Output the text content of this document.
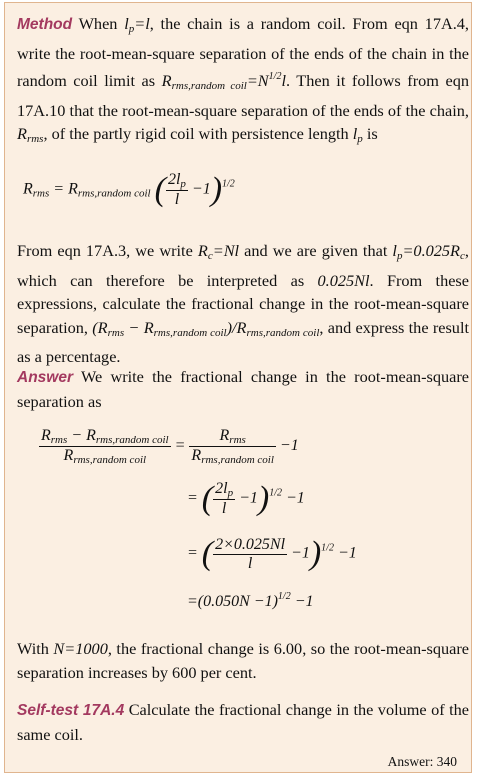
Method When $l_p=l$, the chain is a random coil. From eqn 17A.4, write the root-mean-square separation of the ends of the chain in the random coil limit as $R_{rms,random coil}=N^{1/2}l$. Then it follows from eqn 17A.10 that the root-mean-square separation of the ends of the chain, $R_{rms}$, of the partly rigid coil with persistence length $l_p$ is
$R_{rms} = R_{rms,random coil}$ ( $\frac{2l_p}{l} -1)^{1/2}$
From eqn 17A.3, we write $R_c=Nl$ and we are given that $l_p=0.025R_c$, which can therefore be interpreted as 0.025Nl. From these expressions, calculate the fractional change in the root-mean-square separation, $(R_{rms} - R_{rms,random coil})/R_{rms,random coil}$, and express the result as a percentage.
Answer We write the fractional change in the root-mean-square separation as
$\frac{R_{rms} - R_{rms,random coil}}{R_{rms,random coil}} = \frac{R_{rms}}{R_{rms,random coil}} -1$
= ( $\frac{2l_p}{l} -1)^{1/2} -1$
= ( $\frac{2\times 0.025Nl}{l} -1)^{1/2} -1$
$=(0.050N -1)^{1/2} -1$
With N=1000, the fractional change is 6.00, so the root-mean-square separation increases by 600 per cent.
Self-test 17A.4 Calculate the fractional change in the volume of the same coil.
Answer: 340
